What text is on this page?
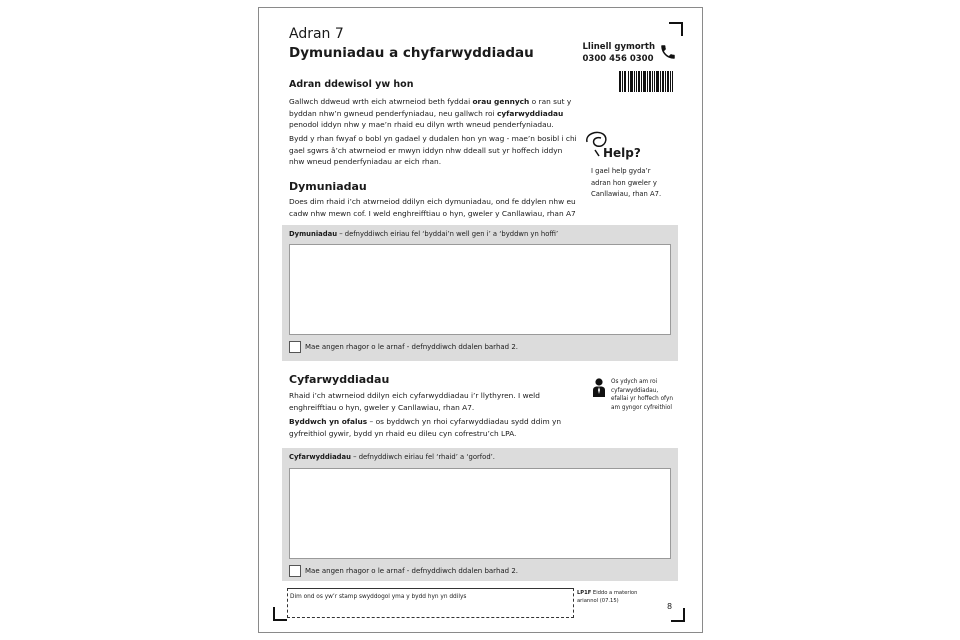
Adran 7
Dymuniadau a chyfarwyddiadau	Llinell gymorth
0300 456 0300
Adran ddewisol yw hon
Gallwch ddweud wrth eich atwrneiod beth fyddai orau gennych o ran sut y byddan nhw’n gwneud penderfyniadau, neu gallwch roi cyfarwyddiadau penodol iddyn nhw y mae’n rhaid eu dilyn wrth wneud penderfyniadau.
Bydd y rhan fwyaf o bobl yn gadael y dudalen hon yn wag - mae’n bosibl i chi gael sgwrs â’ch atwrneiod er mwyn iddyn nhw ddeall sut yr hoffech iddyn nhw wneud penderfyniadau ar eich rhan.
Help?
I gael help gyda’r adran hon gweler y Canllawiau, rhan A7.
Dymuniadau
Does dim rhaid i’ch atwrneiod ddilyn eich dymuniadau, ond fe ddylen nhw eu cadw nhw mewn cof. I weld enghreifftiau o hyn, gweler y Canllawiau, rhan A7
Dymuniadau – defnyddiwch eiriau fel ‘byddai’n well gen i’ a ‘byddwn yn hoffi’
Mae angen rhagor o le arnaf - defnyddiwch ddalen barhad 2.
Cyfarwyddiadau
Rhaid i’ch atwrneiod ddilyn eich cyfarwyddiadau i’r llythyren. I weld enghreifftiau o hyn, gweler y Canllawiau, rhan A7.
Byddwch yn ofalus – os byddwch yn rhoi cyfarwyddiadau sydd ddim yn gyfreithiol gywir, bydd yn rhaid eu dileu cyn cofrestru’ch LPA.
Os ydych am roi cyfarwyddiadau, efallai yr hoffech ofyn am gyngor cyfreithiol
Cyfarwyddiadau – defnyddiwch eiriau fel ‘rhaid’ a ‘gorfod’.
Mae angen rhagor o le arnaf - defnyddiwch ddalen barhad 2.
Dim ond os yw’r stamp swyddogol yma y bydd hyn yn ddilys
LP1F Eiddo a materion ariannol (07.15)
8
